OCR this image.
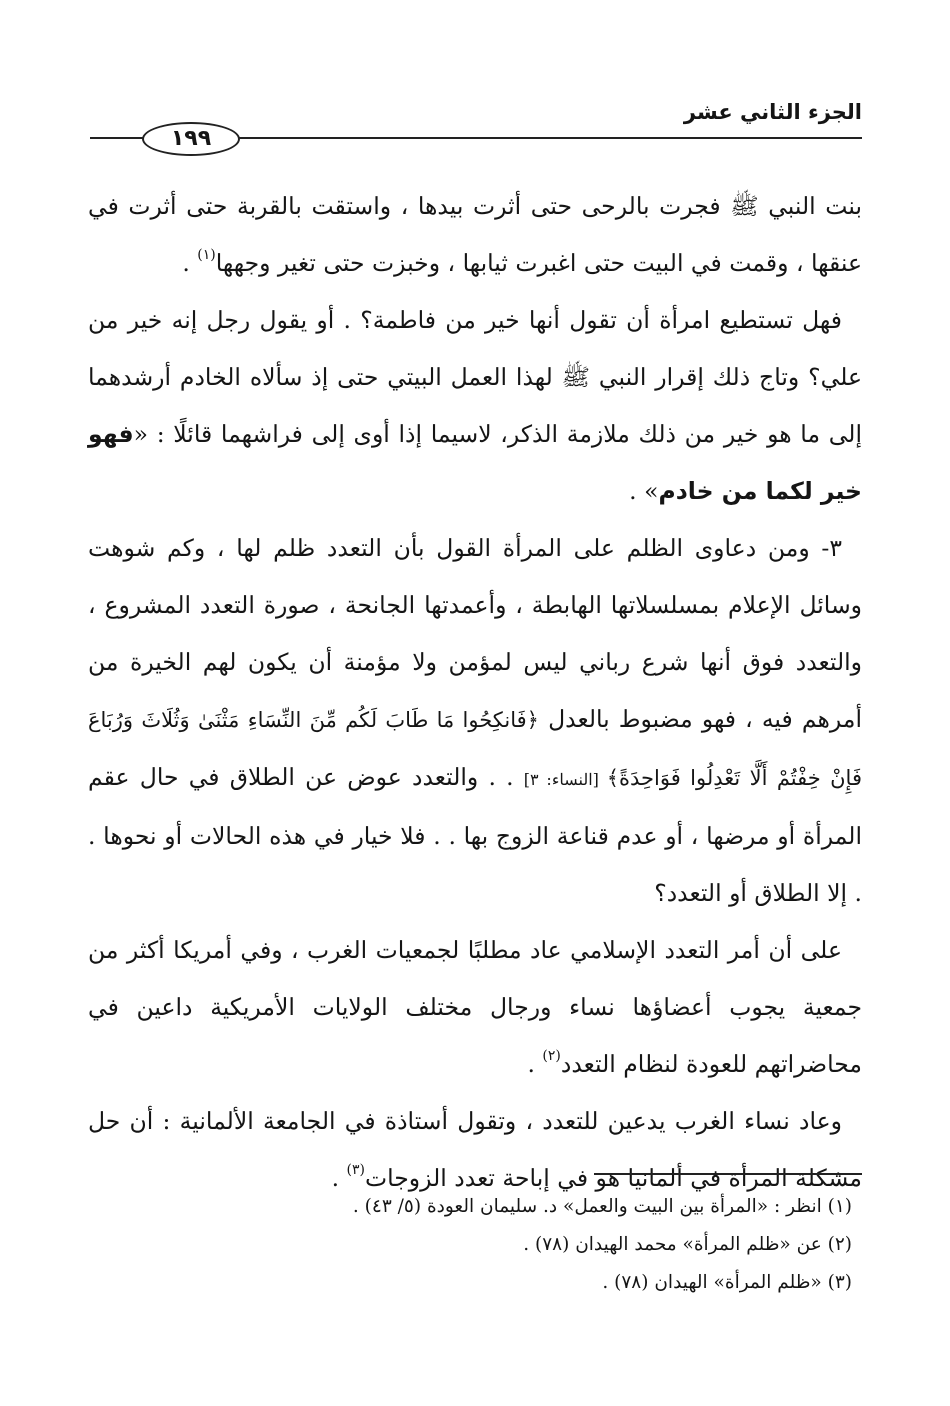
الجزء الثاني عشر
١٩٩

بنت النبي ﷺ فجرت بالرحى حتى أثرت بيدها ، واستقت بالقربة حتى أثرت في عنقها ، وقمت في البيت حتى اغبرت ثيابها ، وخبزت حتى تغير وجهها$^{(١)}$ .

فهل تستطيع امرأة أن تقول أنها خير من فاطمة؟ . أو يقول رجل إنه خير من علي؟ وتاج ذلك إقرار النبي ﷺ لهذا العمل البيتي حتى إذ سألاه الخادم أرشدهما إلى ما هو خير من ذلك ملازمة الذكر، لاسيما إذا أوى إلى فراشهما قائلًا : «فهو خير لكما من خادم» .

٣- ومن دعاوى الظلم على المرأة القول بأن التعدد ظلم لها ، وكم شوهت وسائل الإعلام بمسلسلاتها الهابطة ، وأعمدتها الجانحة ، صورة التعدد المشروع ، والتعدد فوق أنها شرع رباني ليس لمؤمن ولا مؤمنة أن يكون لهم الخيرة من أمرهم فيه ، فهو مضبوط بالعدل ﴿فَانكِحُوا مَا طَابَ لَكُم مِّنَ النِّسَاءِ مَثْنَىٰ وَثُلَاثَ وَرُبَاعَ فَإِنْ خِفْتُمْ أَلَّا تَعْدِلُوا فَوَاحِدَةً﴾ [النساء: ٣] . . والتعدد عوض عن الطلاق في حال عقم المرأة أو مرضها ، أو عدم قناعة الزوج بها . . فلا خيار في هذه الحالات أو نحوها . . إلا الطلاق أو التعدد؟

على أن أمر التعدد الإسلامي عاد مطلبًا لجمعيات الغرب ، وفي أمريكا أكثر من جمعية يجوب أعضاؤها نساء ورجال مختلف الولايات الأمريكية داعين في محاضراتهم للعودة لنظام التعدد$^{(٢)}$ .

وعاد نساء الغرب يدعين للتعدد ، وتقول أستاذة في الجامعة الألمانية : أن حل مشكلة المرأة في ألمانيا هو في إباحة تعدد الزوجات$^{(٣)}$ .

(١) انظر : «المرأة بين البيت والعمل» د. سليمان العودة (٥/ ٤٣) .
(٢) عن «ظلم المرأة» محمد الهيدان (٧٨) .
(٣) «ظلم المرأة» الهيدان (٧٨) .
